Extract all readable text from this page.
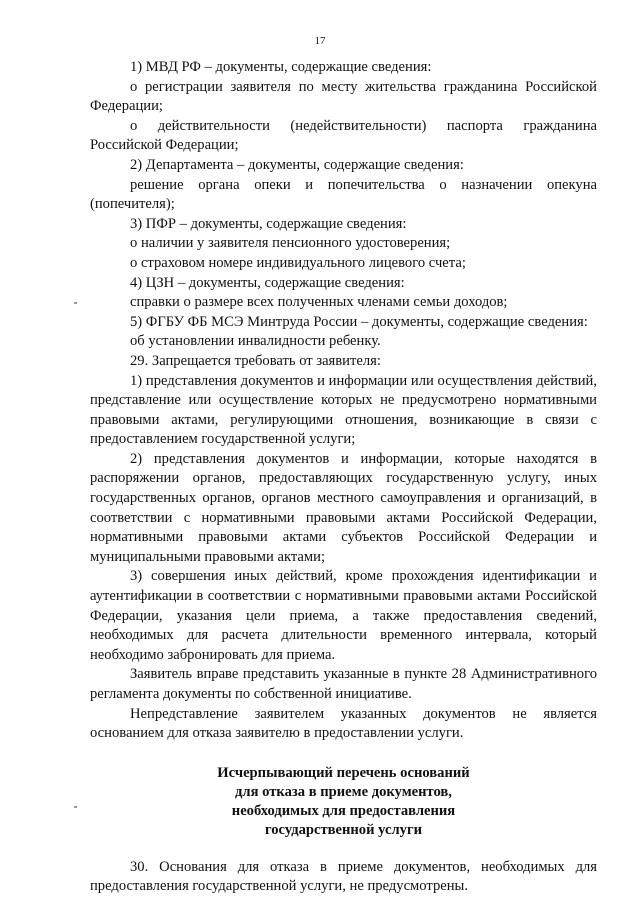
17

1) МВД РФ – документы, содержащие сведения:

о регистрации заявителя по месту жительства гражданина Российской Федерации;

о действительности (недействительности) паспорта гражданина Российской Федерации;

2) Департамента – документы, содержащие сведения:

решение органа опеки и попечительства о назначении опекуна (попечителя);

3) ПФР – документы, содержащие сведения:

о наличии у заявителя пенсионного удостоверения;

о страховом номере индивидуального лицевого счета;

4) ЦЗН – документы, содержащие сведения:

справки о размере всех полученных членами семьи доходов;

5) ФГБУ ФБ МСЭ Минтруда России – документы, содержащие сведения:

об установлении инвалидности ребенку.

29. Запрещается требовать от заявителя:

1) представления документов и информации или осуществления действий, представление или осуществление которых не предусмотрено нормативными правовыми актами, регулирующими отношения, возникающие в связи с предоставлением государственной услуги;

2) представления документов и информации, которые находятся в распоряжении органов, предоставляющих государственную услугу, иных государственных органов, органов местного самоуправления и организаций, в соответствии с нормативными правовыми актами Российской Федерации, нормативными правовыми актами субъектов Российской Федерации и муниципальными правовыми актами;

3) совершения иных действий, кроме прохождения идентификации и аутентификации в соответствии с нормативными правовыми актами Российской Федерации, указания цели приема, а также предоставления сведений, необходимых для расчета длительности временного интервала, который необходимо забронировать для приема.

Заявитель вправе представить указанные в пункте 28 Административного регламента документы по собственной инициативе.

Непредставление заявителем указанных документов не является основанием для отказа заявителю в предоставлении услуги.

Исчерпывающий перечень оснований
для отказа в приеме документов,
необходимых для предоставления
государственной услуги

30. Основания для отказа в приеме документов, необходимых для предоставления государственной услуги, не предусмотрены.
